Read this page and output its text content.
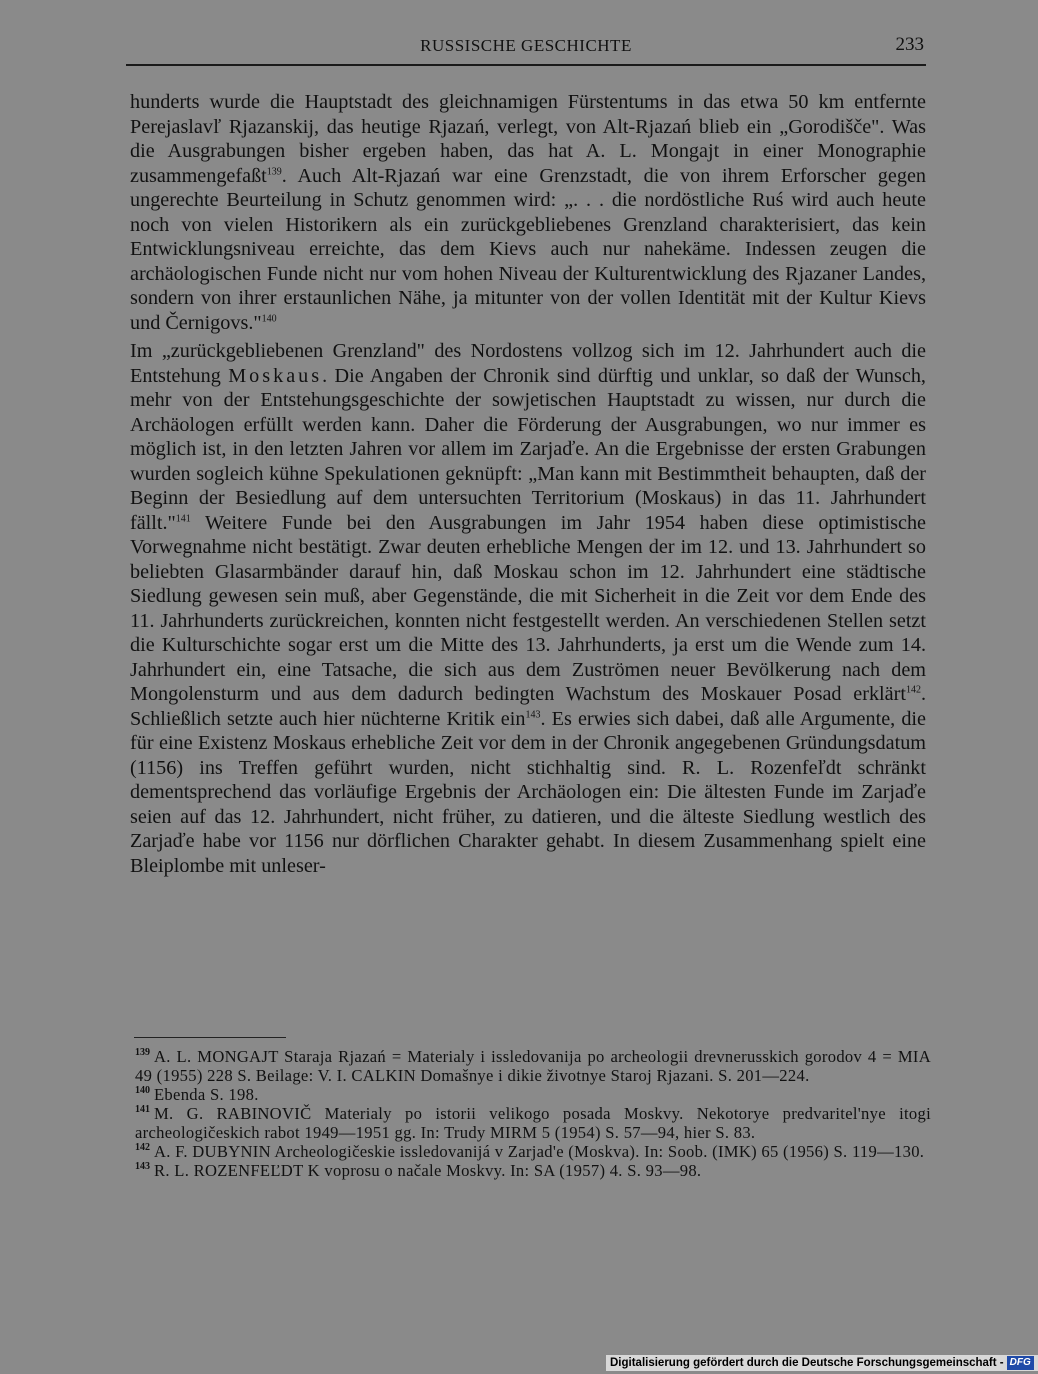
RUSSISCHE GESCHICHTE	233

hunderts wurde die Hauptstadt des gleichnamigen Fürstentums in das etwa 50 km entfernte Perejaslavľ Rjazanskij, das heutige Rjazań, verlegt, von Alt-Rjazań blieb ein „Gorodišče". Was die Ausgrabungen bisher ergeben haben, das hat A. L. Mongajt in einer Monographie zusammengefaßt$^{139}$. Auch Alt-Rjazań war eine Grenzstadt, die von ihrem Erforscher gegen ungerechte Beurteilung in Schutz genommen wird: „. . . die nordöstliche Ruś wird auch heute noch von vielen Historikern als ein zurückgebliebenes Grenzland charakterisiert, das kein Entwicklungsniveau erreichte, das dem Kievs auch nur nahekäme. Indessen zeugen die archäologischen Funde nicht nur vom hohen Niveau der Kulturentwicklung des Rjazaner Landes, sondern von ihrer erstaunlichen Nähe, ja mitunter von der vollen Identität mit der Kultur Kievs und Černigovs."$^{140}$

Im „zurückgebliebenen Grenzland" des Nordostens vollzog sich im 12. Jahrhundert auch die Entstehung Moskaus. Die Angaben der Chronik sind dürftig und unklar, so daß der Wunsch, mehr von der Entstehungsgeschichte der sowjetischen Hauptstadt zu wissen, nur durch die Archäologen erfüllt werden kann. Daher die Förderung der Ausgrabungen, wo nur immer es möglich ist, in den letzten Jahren vor allem im Zarjaďe. An die Ergebnisse der ersten Grabungen wurden sogleich kühne Spekulationen geknüpft: „Man kann mit Bestimmtheit behaupten, daß der Beginn der Besiedlung auf dem untersuchten Territorium (Moskaus) in das 11. Jahrhundert fällt."$^{141}$ Weitere Funde bei den Ausgrabungen im Jahr 1954 haben diese optimistische Vorwegnahme nicht bestätigt. Zwar deuten erhebliche Mengen der im 12. und 13. Jahrhundert so beliebten Glasarmbänder darauf hin, daß Moskau schon im 12. Jahrhundert eine städtische Siedlung gewesen sein muß, aber Gegenstände, die mit Sicherheit in die Zeit vor dem Ende des 11. Jahrhunderts zurückreichen, konnten nicht festgestellt werden. An verschiedenen Stellen setzt die Kulturschichte sogar erst um die Mitte des 13. Jahrhunderts, ja erst um die Wende zum 14. Jahrhundert ein, eine Tatsache, die sich aus dem Zuströmen neuer Bevölkerung nach dem Mongolensturm und aus dem dadurch bedingten Wachstum des Moskauer Posad erklärt$^{142}$. Schließlich setzte auch hier nüchterne Kritik ein$^{143}$. Es erwies sich dabei, daß alle Argumente, die für eine Existenz Moskaus erhebliche Zeit vor dem in der Chronik angegebenen Gründungsdatum (1156) ins Treffen geführt wurden, nicht stichhaltig sind. R. L. Rozenfeľdt schränkt dementsprechend das vorläufige Ergebnis der Archäologen ein: Die ältesten Funde im Zarjaďe seien auf das 12. Jahrhundert, nicht früher, zu datieren, und die älteste Siedlung westlich des Zarjaďe habe vor 1156 nur dörflichen Charakter gehabt. In diesem Zusammenhang spielt eine Bleiplombe mit unleser-

$^{139}$ A. L. MONGAJT Staraja Rjazań = Materialy i issledovanija po archeologii drevnerusskich gorodov 4 = MIA 49 (1955) 228 S. Beilage: V. I. CALKIN Domašnye i dikie životnye Staroj Rjazani. S. 201—224.

$^{140}$ Ebenda S. 198.

$^{141}$ M. G. RABINOVIČ Materialy po istorii velikogo posada Moskvy. Nekotorye predvaritel'nye itogi archeologičeskich rabot 1949—1951 gg. In: Trudy MIRM 5 (1954) S. 57—94, hier S. 83.

$^{142}$ A. F. DUBYNIN Archeologičeskie issledovanijá v Zarjad'e (Moskva). In: Soob. (IMK) 65 (1956) S. 119—130.

$^{143}$ R. L. ROZENFEĽDT K voprosu o načale Moskvy. In: SA (1957) 4. S. 93—98.

Digitalisierung gefördert durch die Deutsche Forschungsgemeinschaft - DFG
